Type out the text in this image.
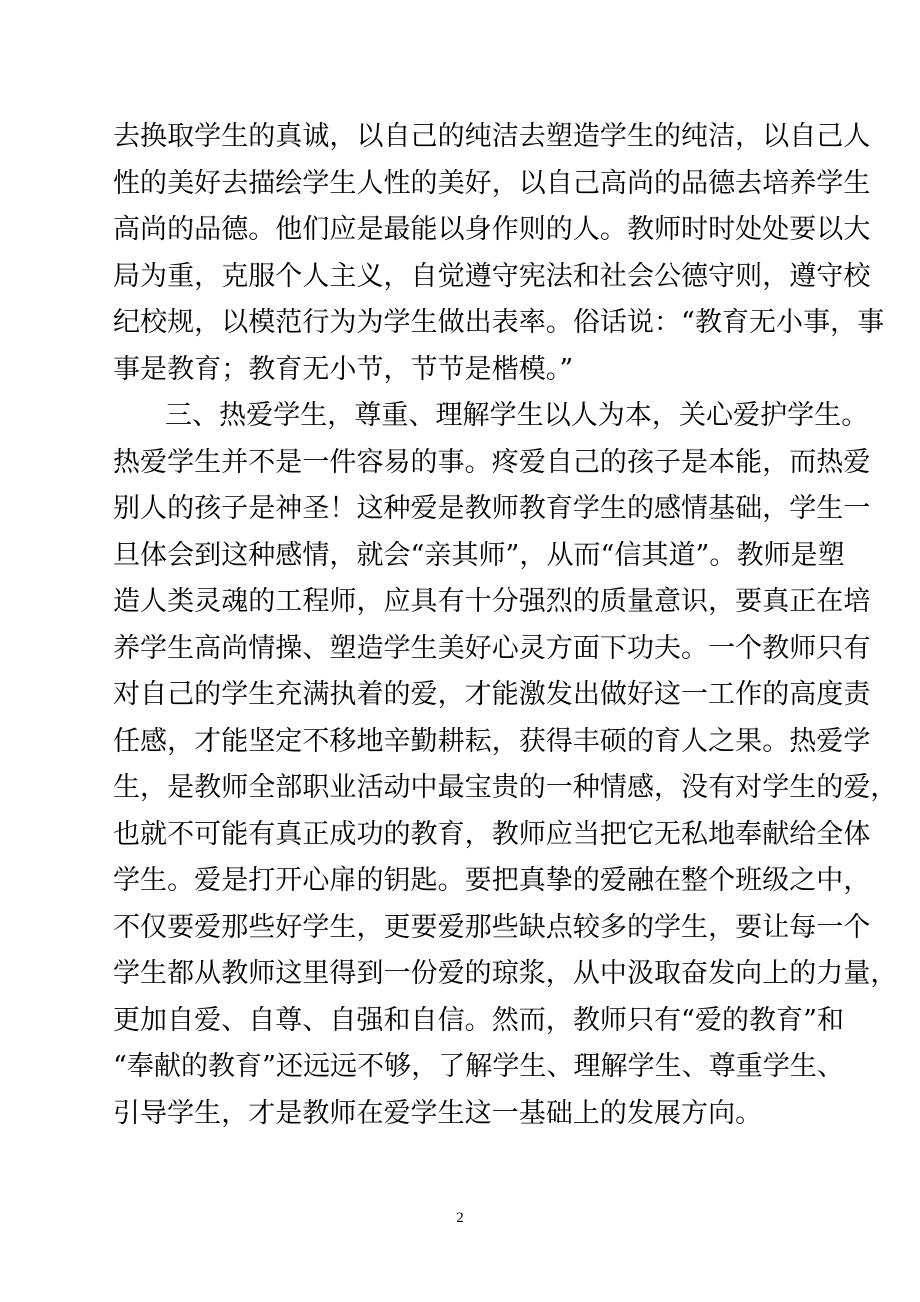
去换取学生的真诚，以自己的纯洁去塑造学生的纯洁，以自己人
性的美好去描绘学生人性的美好，以自己高尚的品德去培养学生
高尚的品德。他们应是最能以身作则的人。教师时时处处要以大
局为重，克服个人主义，自觉遵守宪法和社会公德守则，遵守校
纪校规，以模范行为为学生做出表率。俗话说：“教育无小事，事
事是教育；教育无小节，节节是楷模。”
三、热爱学生，尊重、理解学生以人为本，关心爱护学生。
热爱学生并不是一件容易的事。疼爱自己的孩子是本能，而热爱
别人的孩子是神圣！这种爱是教师教育学生的感情基础，学生一
旦体会到这种感情，就会“亲其师”，从而“信其道”。教师是塑
造人类灵魂的工程师，应具有十分强烈的质量意识，要真正在培
养学生高尚情操、塑造学生美好心灵方面下功夫。一个教师只有
对自己的学生充满执着的爱，才能激发出做好这一工作的高度责
任感，才能坚定不移地辛勤耕耘，获得丰硕的育人之果。热爱学
生，是教师全部职业活动中最宝贵的一种情感，没有对学生的爱，
也就不可能有真正成功的教育，教师应当把它无私地奉献给全体
学生。爱是打开心扉的钥匙。要把真挚的爱融在整个班级之中，
不仅要爱那些好学生，更要爱那些缺点较多的学生，要让每一个
学生都从教师这里得到一份爱的琼浆，从中汲取奋发向上的力量，
更加自爱、自尊、自强和自信。然而，教师只有“爱的教育”和
“奉献的教育”还远远不够，了解学生、理解学生、尊重学生、
引导学生，才是教师在爱学生这一基础上的发展方向。
2
